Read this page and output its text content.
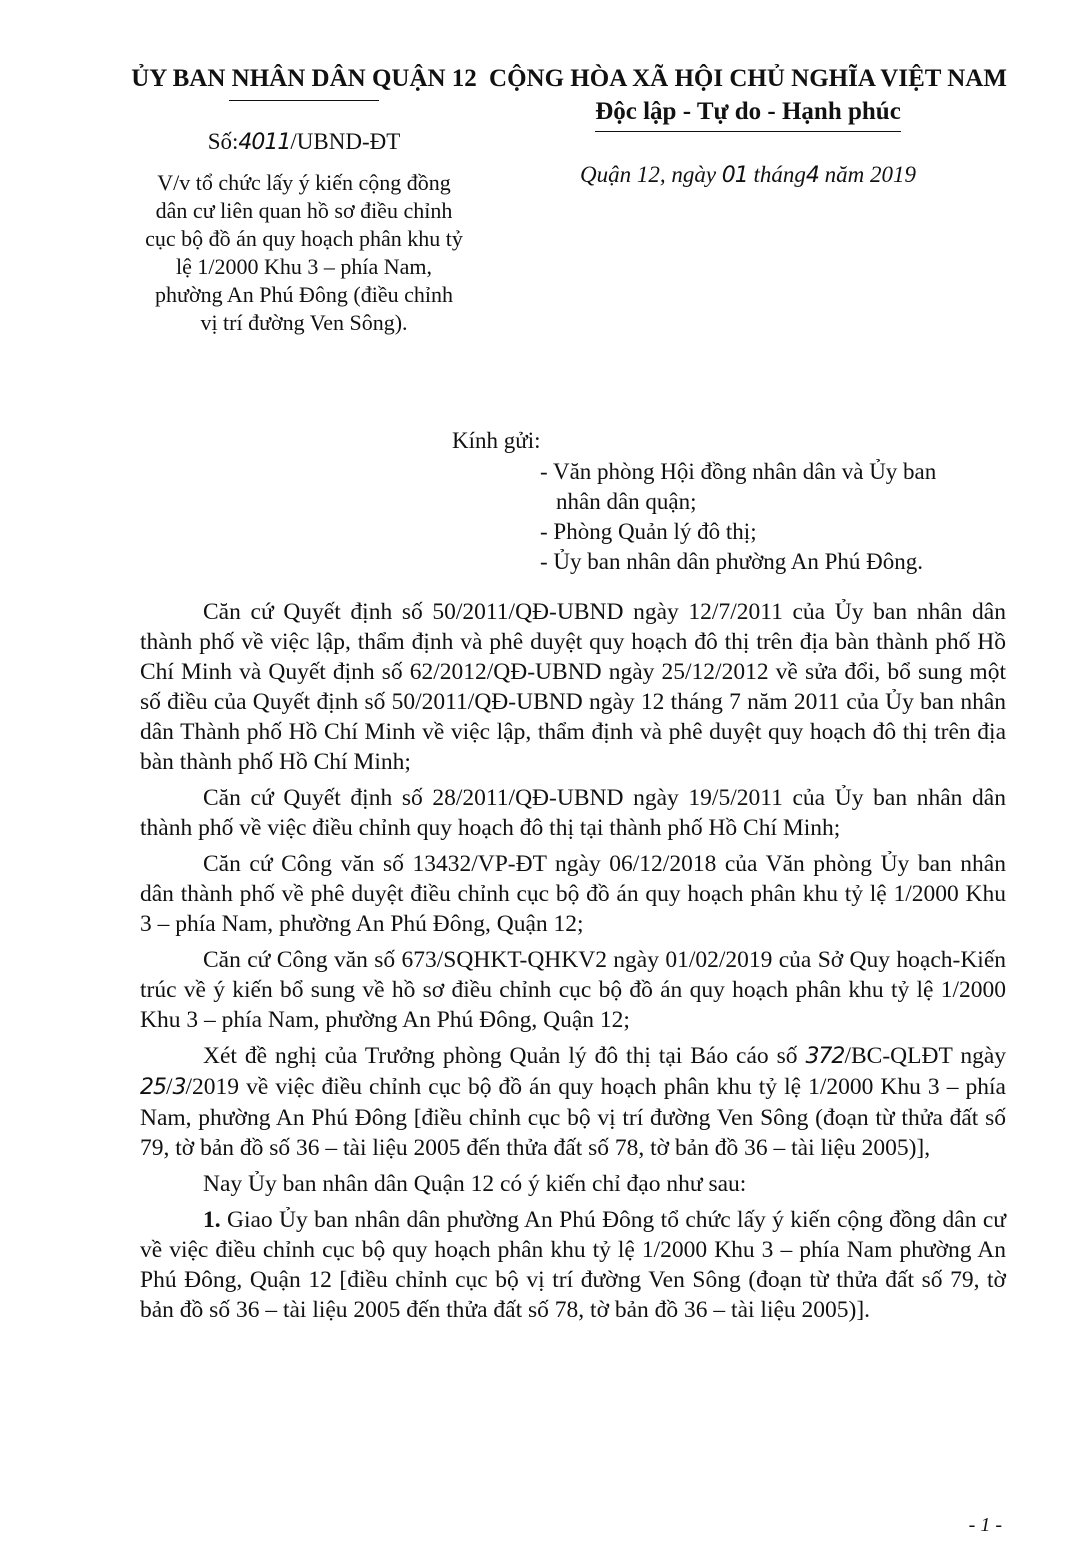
ỦY BAN NHÂN DÂN QUẬN 12
Số:4011/UBND-ĐT
V/v tổ chức lấy ý kiến cộng đồng
dân cư liên quan hồ sơ điều chỉnh
cục bộ đồ án quy hoạch phân khu tỷ
lệ 1/2000 Khu 3 – phía Nam,
phường An Phú Đông (điều chỉnh
vị trí đường Ven Sông).
CỘNG HÒA XÃ HỘI CHỦ NGHĨA VIỆT NAM
Độc lập - Tự do - Hạnh phúc
Quận 12, ngày 01 tháng4 năm 2019
Kính gửi:
- Văn phòng Hội đồng nhân dân và Ủy ban
nhân dân quận;
- Phòng Quản lý đô thị;
- Ủy ban nhân dân phường An Phú Đông.

Căn cứ Quyết định số 50/2011/QĐ-UBND ngày 12/7/2011 của Ủy ban nhân dân thành phố về việc lập, thẩm định và phê duyệt quy hoạch đô thị trên địa bàn thành phố Hồ Chí Minh và Quyết định số 62/2012/QĐ-UBND ngày 25/12/2012 về sửa đổi, bổ sung một số điều của Quyết định số 50/2011/QĐ-UBND ngày 12 tháng 7 năm 2011 của Ủy ban nhân dân Thành phố Hồ Chí Minh về việc lập, thẩm định và phê duyệt quy hoạch đô thị trên địa bàn thành phố Hồ Chí Minh;

Căn cứ Quyết định số 28/2011/QĐ-UBND ngày 19/5/2011 của Ủy ban nhân dân thành phố về việc điều chỉnh quy hoạch đô thị tại thành phố Hồ Chí Minh;

Căn cứ Công văn số 13432/VP-ĐT ngày 06/12/2018 của Văn phòng Ủy ban nhân dân thành phố về phê duyệt điều chỉnh cục bộ đồ án quy hoạch phân khu tỷ lệ 1/2000 Khu 3 – phía Nam, phường An Phú Đông, Quận 12;

Căn cứ Công văn số 673/SQHKT-QHKV2 ngày 01/02/2019 của Sở Quy hoạch-Kiến trúc về ý kiến bổ sung về hồ sơ điều chỉnh cục bộ đồ án quy hoạch phân khu tỷ lệ 1/2000 Khu 3 – phía Nam, phường An Phú Đông, Quận 12;

Xét đề nghị của Trưởng phòng Quản lý đô thị tại Báo cáo số 372/BC-QLĐT ngày 25/3/2019 về việc điều chỉnh cục bộ đồ án quy hoạch phân khu tỷ lệ 1/2000 Khu 3 – phía Nam, phường An Phú Đông [điều chỉnh cục bộ vị trí đường Ven Sông (đoạn từ thửa đất số 79, tờ bản đồ số 36 – tài liệu 2005 đến thửa đất số 78, tờ bản đồ 36 – tài liệu 2005)],

Nay Ủy ban nhân dân Quận 12 có ý kiến chỉ đạo như sau:

1. Giao Ủy ban nhân dân phường An Phú Đông tổ chức lấy ý kiến cộng đồng dân cư về việc điều chỉnh cục bộ quy hoạch phân khu tỷ lệ 1/2000 Khu 3 – phía Nam phường An Phú Đông, Quận 12 [điều chỉnh cục bộ vị trí đường Ven Sông (đoạn từ thửa đất số 79, tờ bản đồ số 36 – tài liệu 2005 đến thửa đất số 78, tờ bản đồ 36 – tài liệu 2005)].

- 1 -
